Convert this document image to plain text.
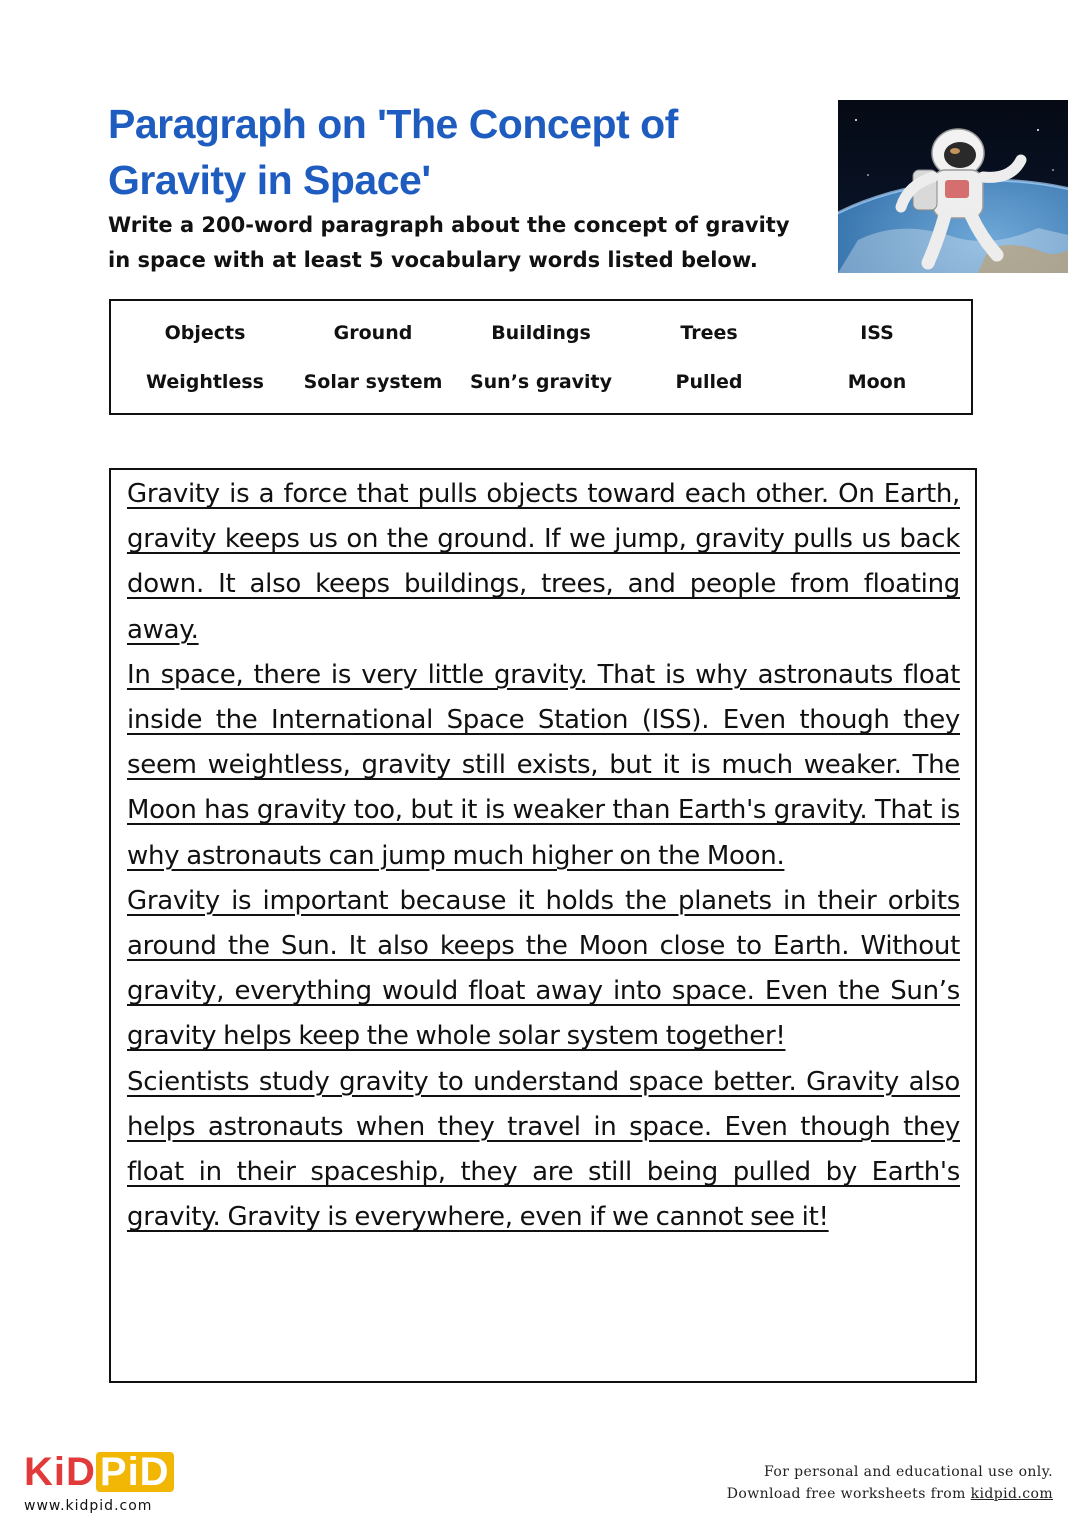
Paragraph on 'The Concept of Gravity in Space'
Write a 200-word paragraph about the concept of gravity in space with at least 5 vocabulary words listed below.
Objects	Ground	Buildings	Trees	ISS
Weightless	Solar system	Sun’s gravity	Pulled	Moon

Gravity is a force that pulls objects toward each other. On Earth, gravity keeps us on the ground. If we jump, gravity pulls us back down. It also keeps buildings, trees, and people from floating away.

In space, there is very little gravity. That is why astronauts float inside the International Space Station (ISS). Even though they seem weightless, gravity still exists, but it is much weaker. The Moon has gravity too, but it is weaker than Earth's gravity. That is why astronauts can jump much higher on the Moon.

Gravity is important because it holds the planets in their orbits around the Sun. It also keeps the Moon close to Earth. Without gravity, everything would float away into space. Even the Sun’s gravity helps keep the whole solar system together!

Scientists study gravity to understand space better. Gravity also helps astronauts when they travel in space. Even though they float in their spaceship, they are still being pulled by Earth's gravity. Gravity is everywhere, even if we cannot see it!

KiD PiD
www.kidpid.com
For personal and educational use only.
Download free worksheets from kidpid.com
